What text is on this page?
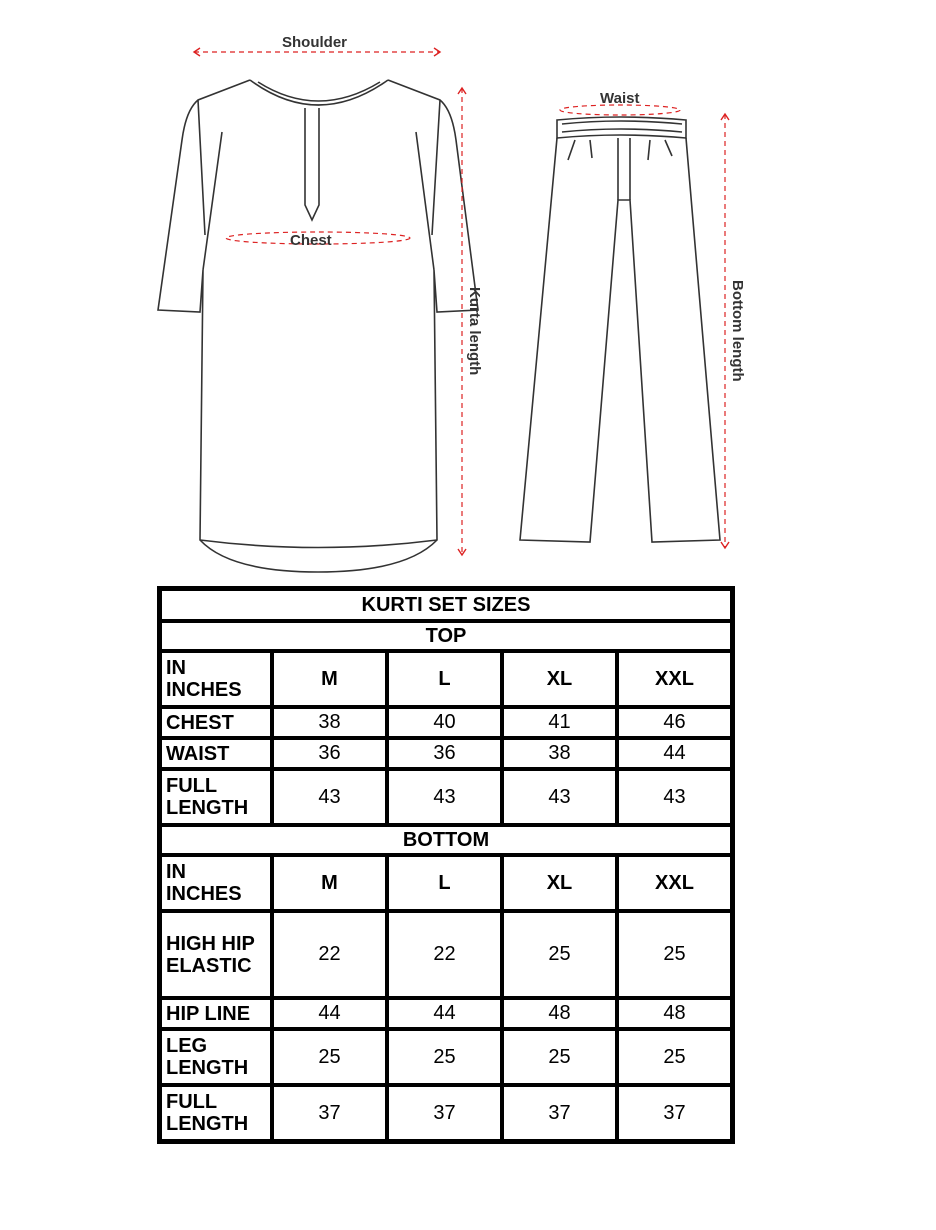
Shoulder
Chest
Waist
Kurta length	Bottom length
KURTI SET SIZES				
TOP				
IN INCHES	M	L	XL	XXL
CHEST	38	40	41	46
WAIST	36	36	38	44
FULL LENGTH	43	43	43	43
BOTTOM				
IN INCHES	M	L	XL	XXL
HIGH HIP ELASTIC	22	22	25	25
HIP LINE	44	44	48	48
LEG LENGTH	25	25	25	25
FULL LENGTH	37	37	37	37
